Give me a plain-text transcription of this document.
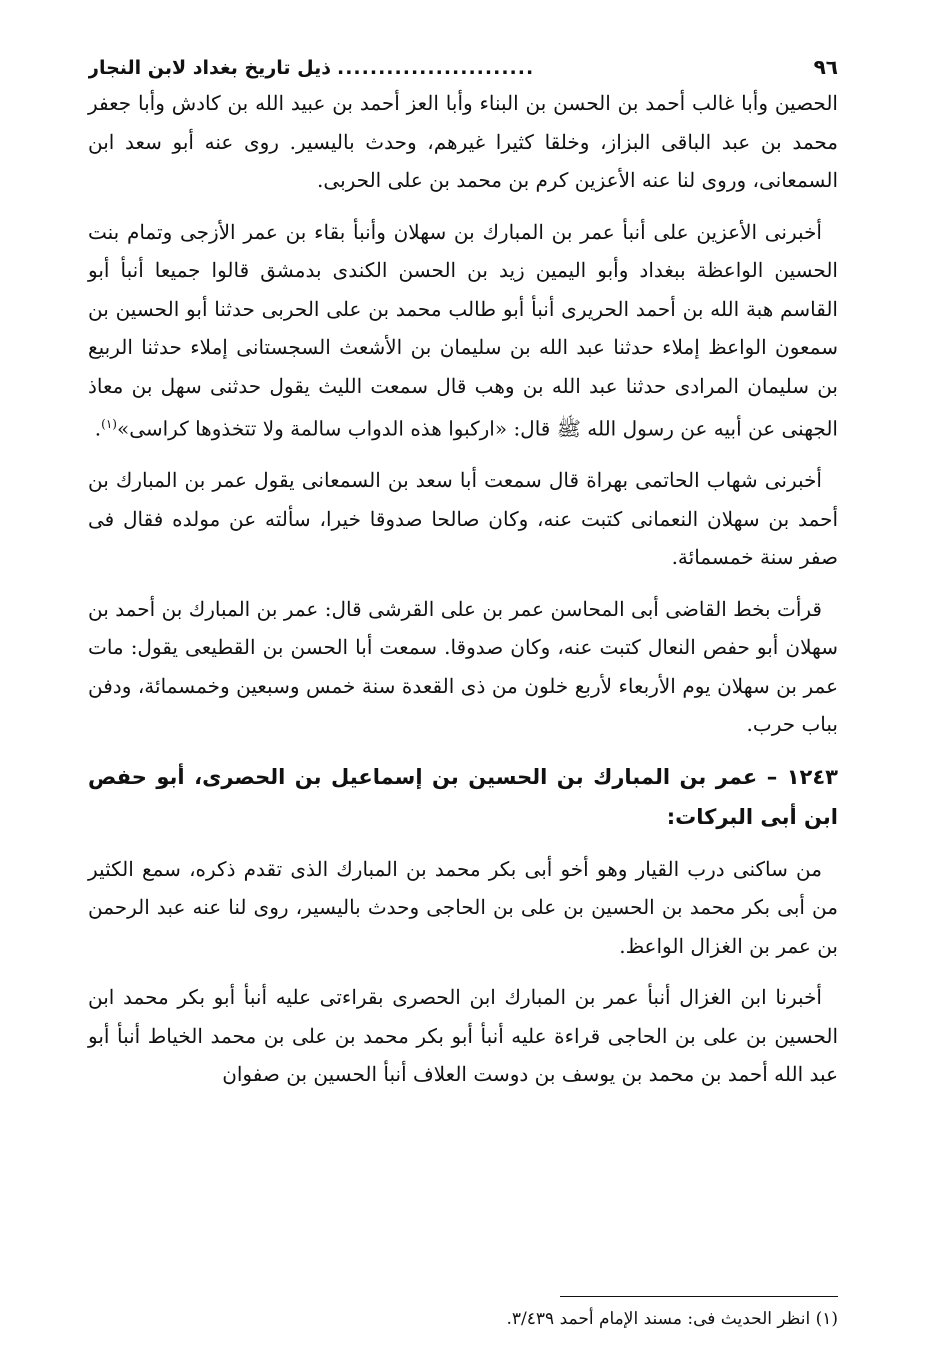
٩٦
........................
ذيل تاريخ بغداد لابن النجار

الحصين وأبا غالب أحمد بن الحسن بن البناء وأبا العز أحمد بن عبيد الله بن كادش وأبا جعفر محمد بن عبد الباقى البزاز، وخلقا كثيرا غيرهم، وحدث باليسير. روى عنه أبو سعد ابن السمعانى، وروى لنا عنه الأعزين كرم بن محمد بن على الحربى.

أخبرنى الأعزين على أنبأ عمر بن المبارك بن سهلان وأنبأ بقاء بن عمر الأزجى وتمام بنت الحسين الواعظة ببغداد وأبو اليمين زيد بن الحسن الكندى بدمشق قالوا جميعا أنبأ أبو القاسم هبة الله بن أحمد الحريرى أنبأ أبو طالب محمد بن على الحربى حدثنا أبو الحسين بن سمعون الواعظ إملاء حدثنا عبد الله بن سليمان بن الأشعث السجستانى إملاء حدثنا الربيع بن سليمان المرادى حدثنا عبد الله بن وهب قال سمعت الليث يقول حدثنى سهل بن معاذ الجهنى عن أبيه عن رسول الله ﷺ قال: «اركبوا هذه الدواب سالمة ولا تتخذوها كراسى»$^{(١)}$.

أخبرنى شهاب الحاتمى بهراة قال سمعت أبا سعد بن السمعانى يقول عمر بن المبارك بن أحمد بن سهلان النعمانى كتبت عنه، وكان صالحا صدوقا خيرا، سألته عن مولده فقال فى صفر سنة خمسمائة.

قرأت بخط القاضى أبى المحاسن عمر بن على القرشى قال: عمر بن المبارك بن أحمد بن سهلان أبو حفص النعال كتبت عنه، وكان صدوقا. سمعت أبا الحسن بن القطيعى يقول: مات عمر بن سهلان يوم الأربعاء لأربع خلون من ذى القعدة سنة خمس وسبعين وخمسمائة، ودفن بباب حرب.

١٢٤٣ – عمر بن المبارك بن الحسين بن إسماعيل بن الحصرى، أبو حفص ابن أبى البركات:

من ساكنى درب القيار وهو أخو أبى بكر محمد بن المبارك الذى تقدم ذكره، سمع الكثير من أبى بكر محمد بن الحسين بن على بن الحاجى وحدث باليسير، روى لنا عنه عبد الرحمن بن عمر بن الغزال الواعظ.

أخبرنا ابن الغزال أنبأ عمر بن المبارك ابن الحصرى بقراءتى عليه أنبأ أبو بكر محمد ابن الحسين بن على بن الحاجى قراءة عليه أنبأ أبو بكر محمد بن على بن محمد الخياط أنبأ أبو عبد الله أحمد بن محمد بن يوسف بن دوست العلاف أنبأ الحسين بن صفوان

(١) انظر الحديث فى: مسند الإمام أحمد ٣/٤٣٩.
